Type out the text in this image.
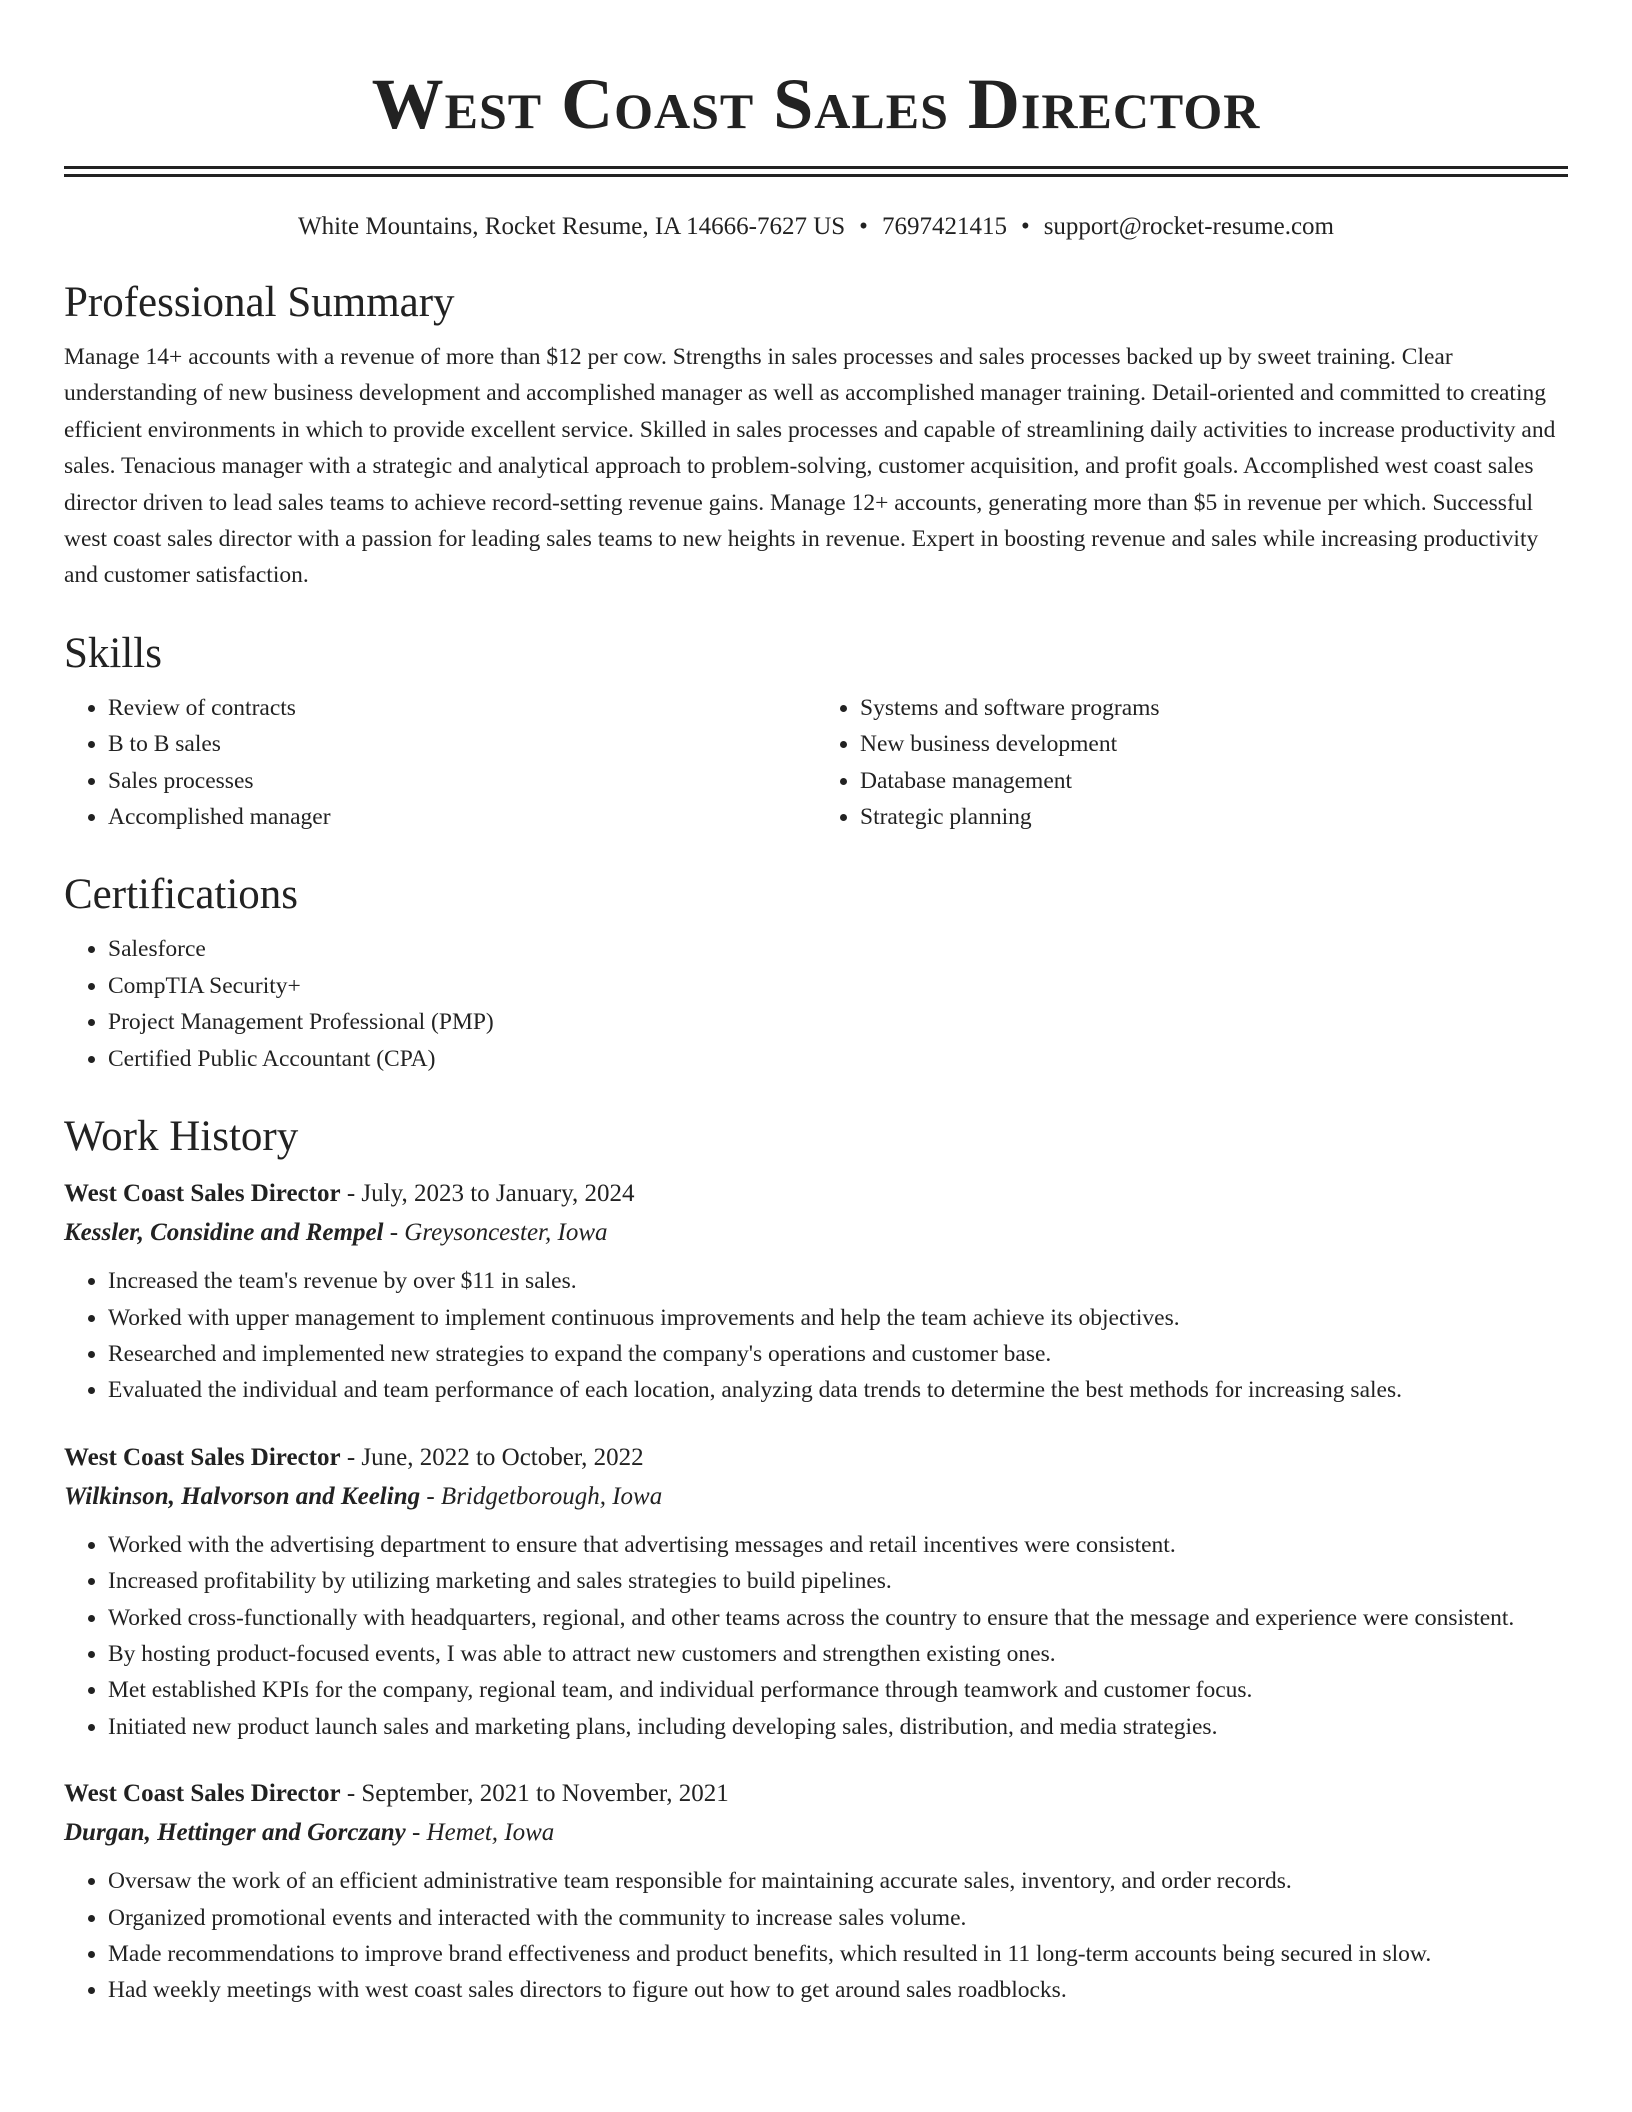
West Coast Sales Director
White Mountains, Rocket Resume, IA 14666-7627 US • 7697421415 • support@rocket-resume.com
Professional Summary

Manage 14+ accounts with a revenue of more than $12 per cow. Strengths in sales processes and sales processes backed up by sweet training. Clear understanding of new business development and accomplished manager as well as accomplished manager training. Detail-oriented and committed to creating efficient environments in which to provide excellent service. Skilled in sales processes and capable of streamlining daily activities to increase productivity and sales. Tenacious manager with a strategic and analytical approach to problem-solving, customer acquisition, and profit goals. Accomplished west coast sales director driven to lead sales teams to achieve record-setting revenue gains. Manage 12+ accounts, generating more than $5 in revenue per which. Successful west coast sales director with a passion for leading sales teams to new heights in revenue. Expert in boosting revenue and sales while increasing productivity and customer satisfaction.

Skills
• Review of contracts
• B to B sales
• Sales processes
• Accomplished manager
• Systems and software programs
• New business development
• Database management
• Strategic planning
Certifications
• Salesforce
• CompTIA Security+
• Project Management Professional (PMP)
• Certified Public Accountant (CPA)
Work History
West Coast Sales Director - July, 2023 to January, 2024
Kessler, Considine and Rempel - Greysoncester, Iowa
• Increased the team's revenue by over $11 in sales.
• Worked with upper management to implement continuous improvements and help the team achieve its objectives.
• Researched and implemented new strategies to expand the company's operations and customer base.
• Evaluated the individual and team performance of each location, analyzing data trends to determine the best methods for increasing sales.
West Coast Sales Director - June, 2022 to October, 2022
Wilkinson, Halvorson and Keeling - Bridgetborough, Iowa
• Worked with the advertising department to ensure that advertising messages and retail incentives were consistent.
• Increased profitability by utilizing marketing and sales strategies to build pipelines.
• Worked cross-functionally with headquarters, regional, and other teams across the country to ensure that the message and experience were consistent.
• By hosting product-focused events, I was able to attract new customers and strengthen existing ones.
• Met established KPIs for the company, regional team, and individual performance through teamwork and customer focus.
• Initiated new product launch sales and marketing plans, including developing sales, distribution, and media strategies.
West Coast Sales Director - September, 2021 to November, 2021
Durgan, Hettinger and Gorczany - Hemet, Iowa
• Oversaw the work of an efficient administrative team responsible for maintaining accurate sales, inventory, and order records.
• Organized promotional events and interacted with the community to increase sales volume.
• Made recommendations to improve brand effectiveness and product benefits, which resulted in 11 long-term accounts being secured in slow.
• Had weekly meetings with west coast sales directors to figure out how to get around sales roadblocks.
